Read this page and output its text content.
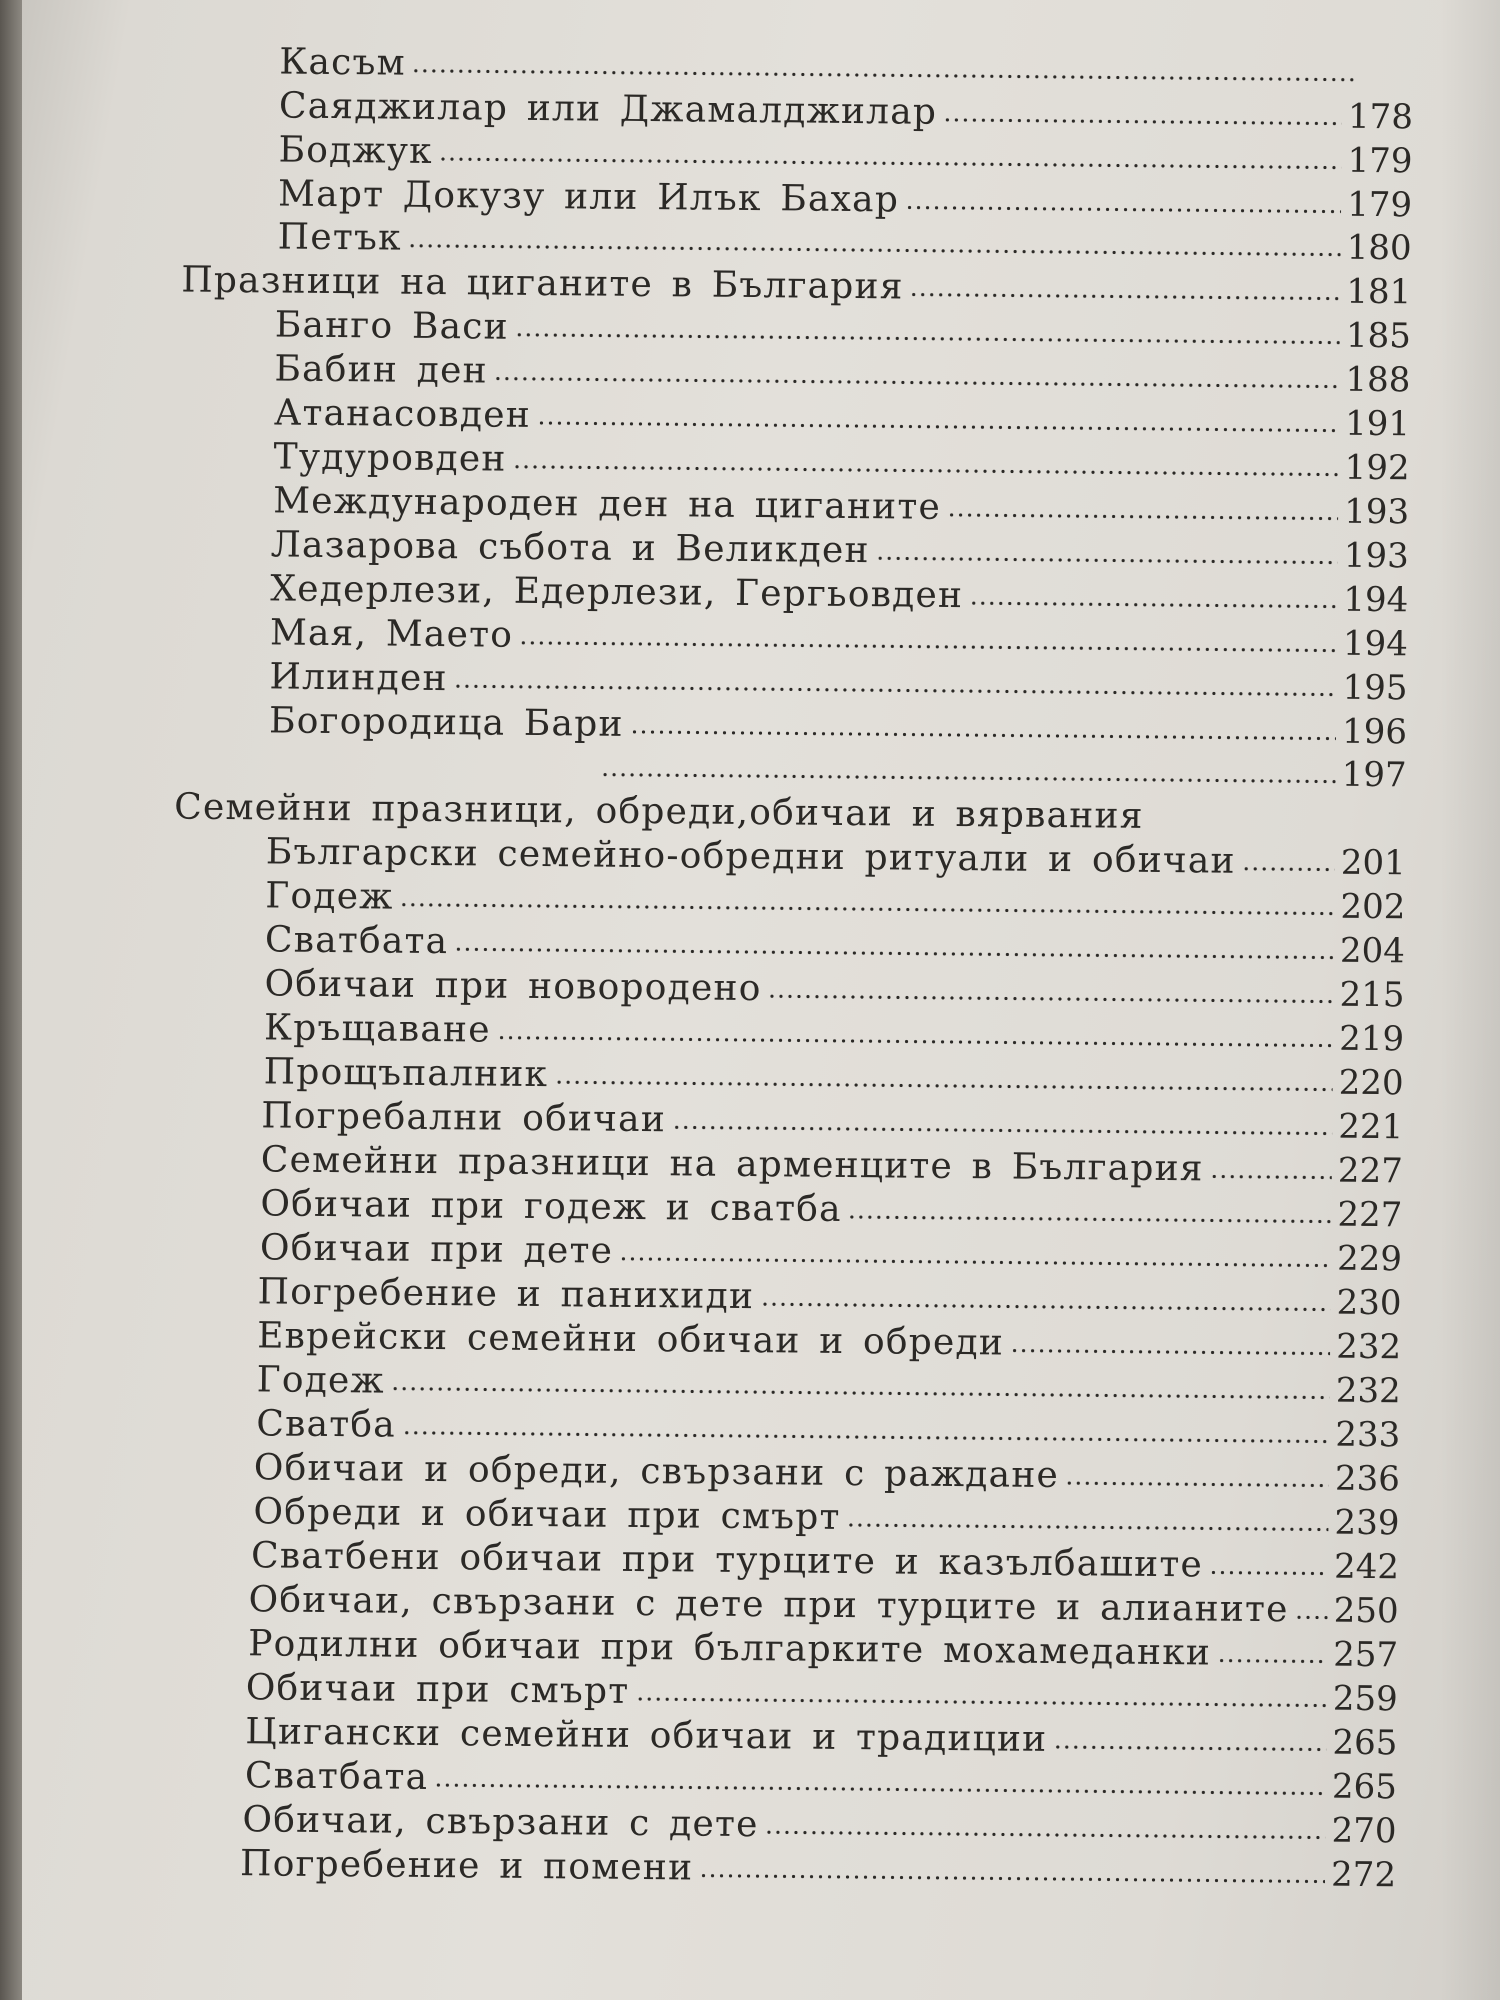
Касъм
Саяджилар или Джамалджилар	178
Боджук	179
Март Докузу или Илък Бахар	179
Петък	180
Празници на циганите в България	181
Банго Васи	185
Бабин ден	188
Атанасовден	191
Тудуровден	192
Международен ден на циганите	193
Лазарова събота и Великден	193
Хедерлези, Едерлези, Гергьовден	194
Мая, Маето	194
Илинден	195
Богородица Бари	196
197
Семейни празници, обреди,обичаи и вярвания
Български семейно-обредни ритуали и обичаи	201
Годеж	202
Сватбата	204
Обичаи при новородено	215
Кръщаване	219
Прощъпалник	220
Погребални обичаи	221
Семейни празници на арменците в България	227
Обичаи при годеж и сватба	227
Обичаи при дете	229
Погребение и панихиди	230
Еврейски семейни обичаи и обреди	232
Годеж	232
Сватба	233
Обичаи и обреди, свързани с раждане	236
Обреди и обичаи при смърт	239
Сватбени обичаи при турците и казълбашите	242
Обичаи, свързани с дете при турците и алианите 250
Родилни обичаи при българките мохамеданки	257
Обичаи при смърт	259
Цигански семейни обичаи и традиции	265
Сватбата	265
Обичаи, свързани с дете	270
Погребение и помени	272
